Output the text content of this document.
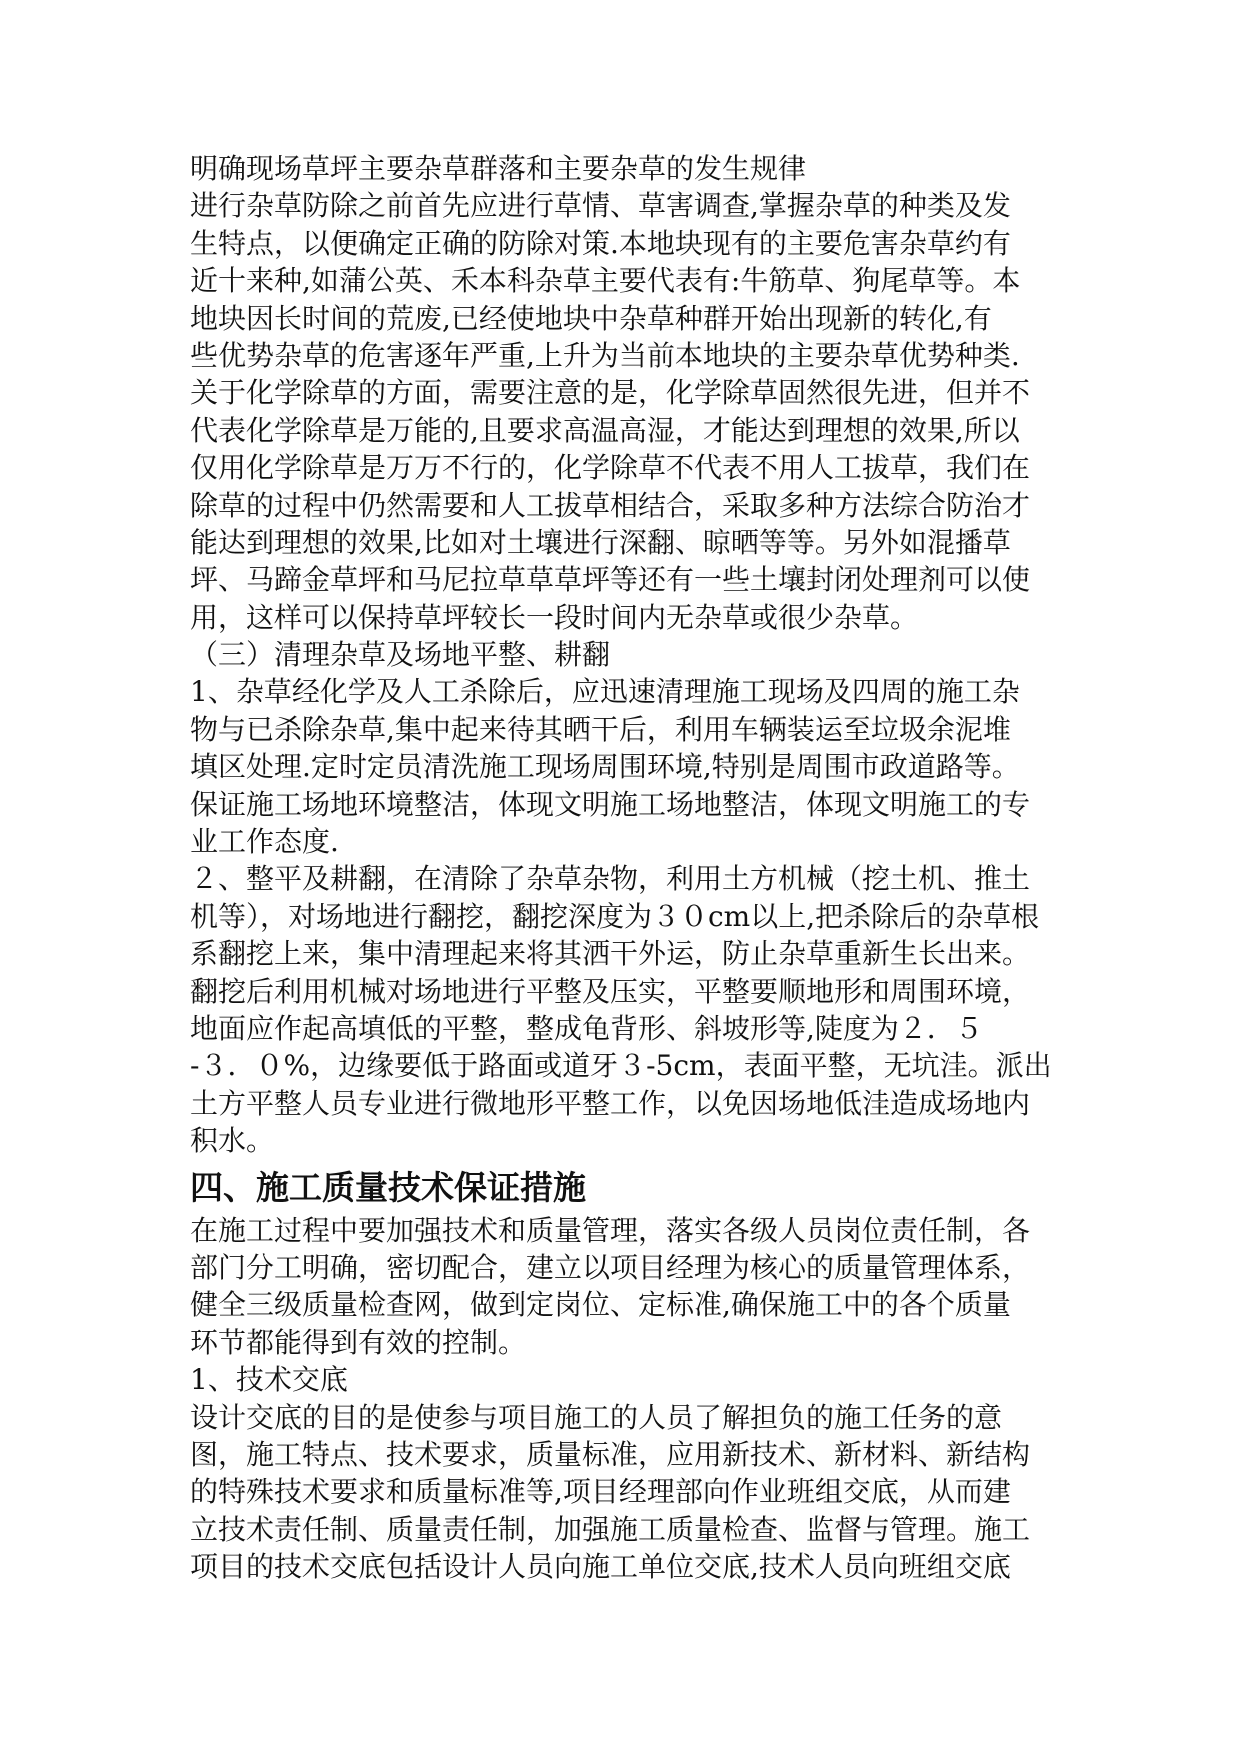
明确现场草坪主要杂草群落和主要杂草的发生规律
进行杂草防除之前首先应进行草情、草害调查,掌握杂草的种类及发
生特点，以便确定正确的防除对策.本地块现有的主要危害杂草约有
近十来种,如蒲公英、禾本科杂草主要代表有:牛筋草、狗尾草等。本
地块因长时间的荒废,已经使地块中杂草种群开始出现新的转化,有
些优势杂草的危害逐年严重,上升为当前本地块的主要杂草优势种类.
关于化学除草的方面，需要注意的是，化学除草固然很先进，但并不
代表化学除草是万能的,且要求高温高湿，才能达到理想的效果,所以
仅用化学除草是万万不行的，化学除草不代表不用人工拔草，我们在
除草的过程中仍然需要和人工拔草相结合，采取多种方法综合防治才
能达到理想的效果,比如对土壤进行深翻、晾晒等等。另外如混播草
坪、马蹄金草坪和马尼拉草草草坪等还有一些土壤封闭处理剂可以使
用，这样可以保持草坪较长一段时间内无杂草或很少杂草。
（三）清理杂草及场地平整、耕翻
1、杂草经化学及人工杀除后，应迅速清理施工现场及四周的施工杂
物与已杀除杂草,集中起来待其晒干后，利用车辆装运至垃圾余泥堆
填区处理.定时定员清洗施工现场周围环境,特别是周围市政道路等。
保证施工场地环境整洁，体现文明施工场地整洁，体现文明施工的专
业工作态度.
２、整平及耕翻，在清除了杂草杂物，利用土方机械（挖土机、推土
机等），对场地进行翻挖，翻挖深度为３０cm以上,把杀除后的杂草根
系翻挖上来，集中清理起来将其洒干外运，防止杂草重新生长出来。
翻挖后利用机械对场地进行平整及压实，平整要顺地形和周围环境，
地面应作起高填低的平整，整成龟背形、斜坡形等,陡度为２．５
-３．０%，边缘要低于路面或道牙３-5cm，表面平整，无坑洼。派出
土方平整人员专业进行微地形平整工作，以免因场地低洼造成场地内
积水。
四、施工质量技术保证措施
在施工过程中要加强技术和质量管理，落实各级人员岗位责任制，各
部门分工明确，密切配合，建立以项目经理为核心的质量管理体系，
健全三级质量检查网，做到定岗位、定标准,确保施工中的各个质量
环节都能得到有效的控制。
1、技术交底
设计交底的目的是使参与项目施工的人员了解担负的施工任务的意
图，施工特点、技术要求，质量标准，应用新技术、新材料、新结构
的特殊技术要求和质量标准等,项目经理部向作业班组交底，从而建
立技术责任制、质量责任制，加强施工质量检查、监督与管理。施工
项目的技术交底包括设计人员向施工单位交底,技术人员向班组交底
